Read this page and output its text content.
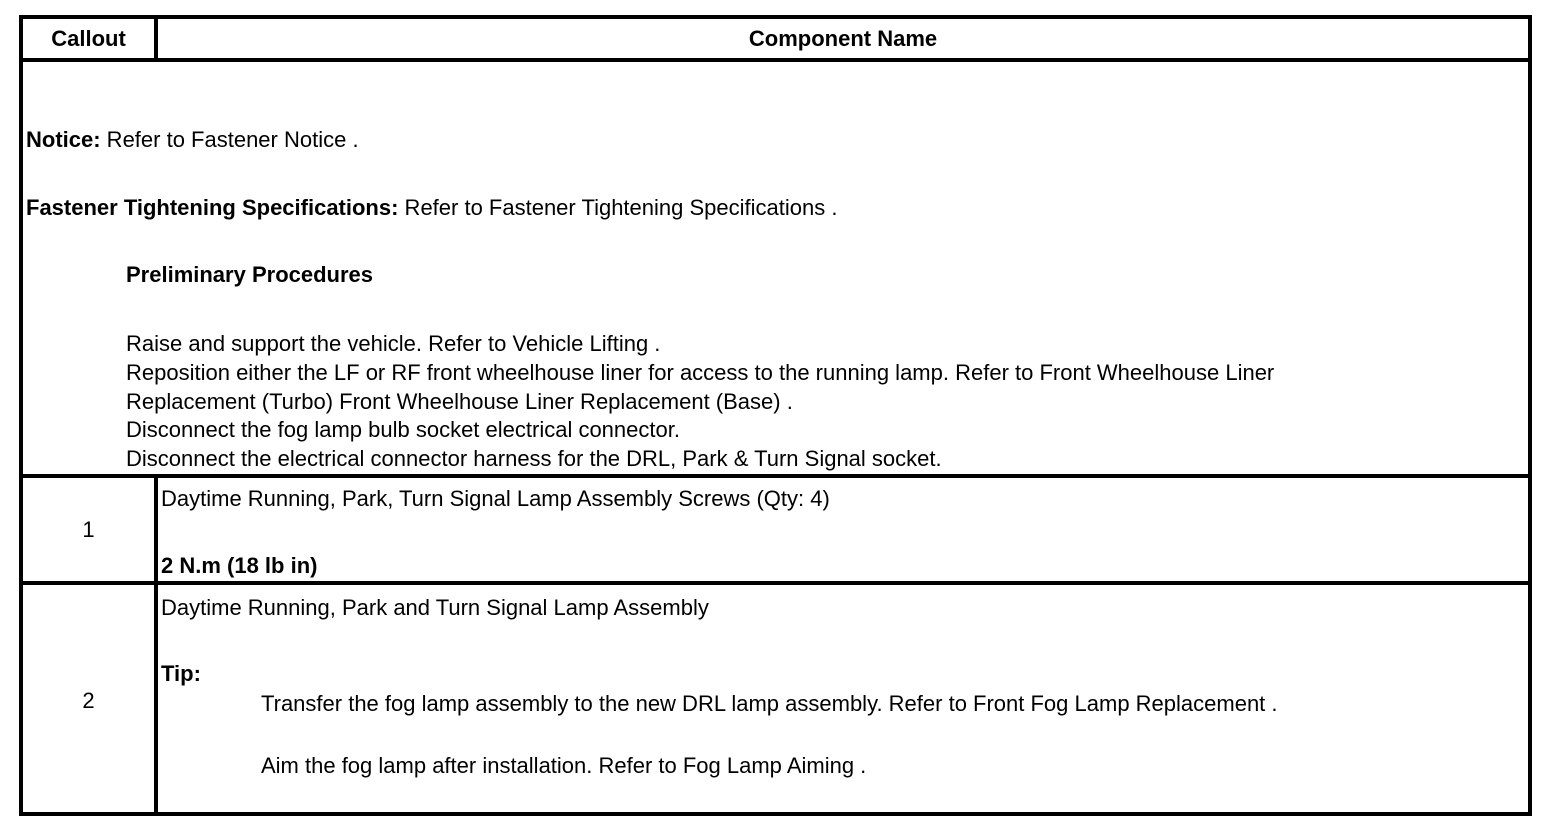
Callout	Component Name
Notice: Refer to Fastener Notice .
Fastener Tightening Specifications: Refer to Fastener Tightening Specifications .
Preliminary Procedures
Raise and support the vehicle. Refer to Vehicle Lifting .
Reposition either the LF or RF front wheelhouse liner for access to the running lamp. Refer to Front Wheelhouse Liner
Replacement (Turbo) Front Wheelhouse Liner Replacement (Base) .
Disconnect the fog lamp bulb socket electrical connector.
Disconnect the electrical connector harness for the DRL, Park & Turn Signal socket.
1
Daytime Running, Park, Turn Signal Lamp Assembly Screws (Qty: 4)
2 N.m (18 lb in)
2
Daytime Running, Park and Turn Signal Lamp Assembly
Tip:
Transfer the fog lamp assembly to the new DRL lamp assembly. Refer to Front Fog Lamp Replacement .
Aim the fog lamp after installation. Refer to Fog Lamp Aiming .
